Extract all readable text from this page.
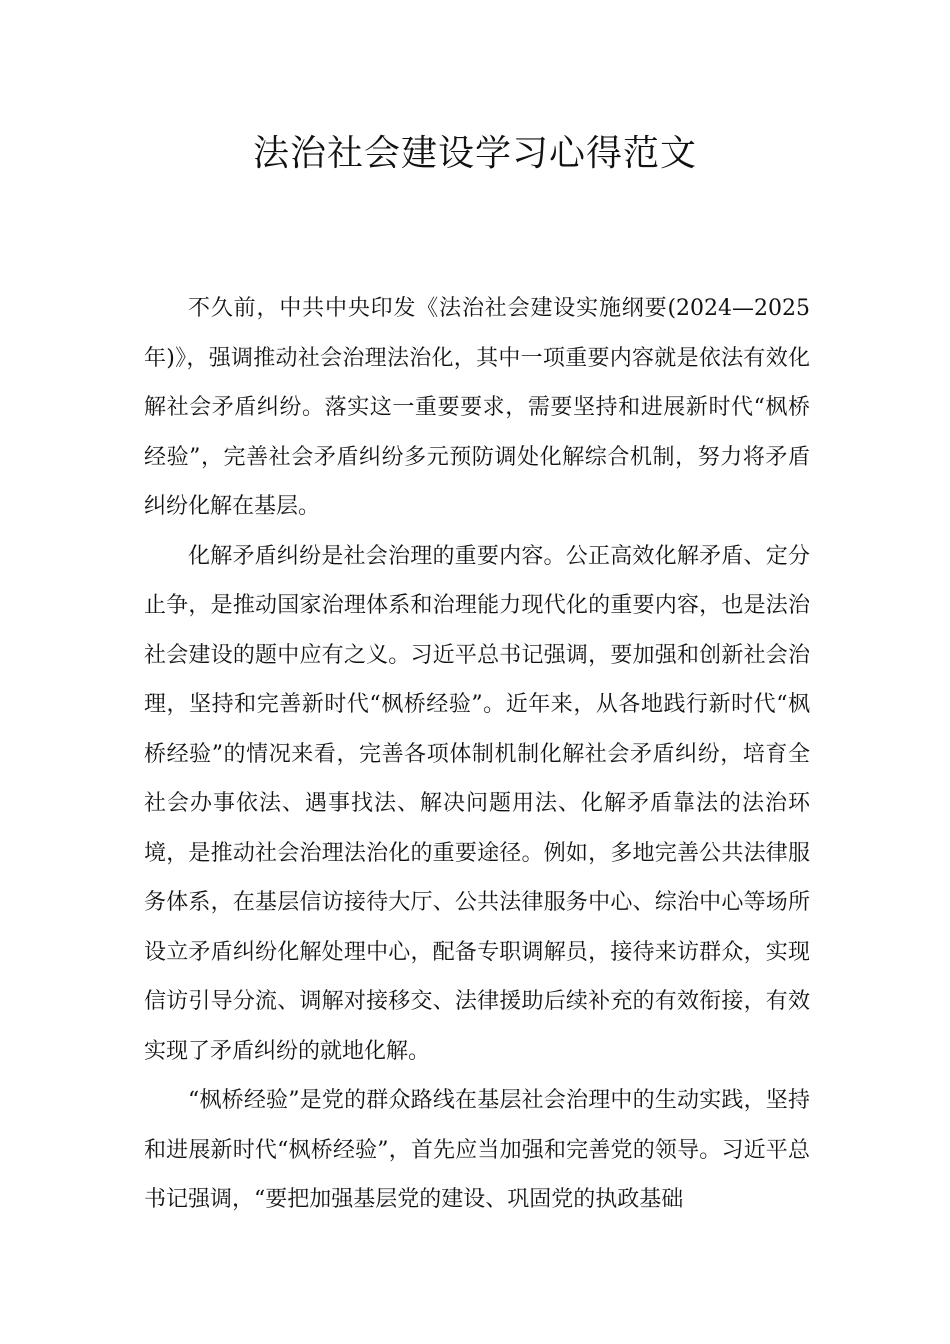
法治社会建设学习心得范文

不久前，中共中央印发《法治社会建设实施纲要(2024—2025年)》，强调推动社会治理法治化，其中一项重要内容就是依法有效化解社会矛盾纠纷。落实这一重要要求，需要坚持和进展新时代“枫桥经验”，完善社会矛盾纠纷多元预防调处化解综合机制，努力将矛盾纠纷化解在基层。

化解矛盾纠纷是社会治理的重要内容。公正高效化解矛盾、定分止争，是推动国家治理体系和治理能力现代化的重要内容，也是法治社会建设的题中应有之义。习近平总书记强调，要加强和创新社会治理，坚持和完善新时代“枫桥经验”。近年来，从各地践行新时代“枫桥经验”的情况来看，完善各项体制机制化解社会矛盾纠纷，培育全社会办事依法、遇事找法、解决问题用法、化解矛盾靠法的法治环境，是推动社会治理法治化的重要途径。例如，多地完善公共法律服务体系，在基层信访接待大厅、公共法律服务中心、综治中心等场所设立矛盾纠纷化解处理中心，配备专职调解员，接待来访群众，实现信访引导分流、调解对接移交、法律援助后续补充的有效衔接，有效实现了矛盾纠纷的就地化解。

“枫桥经验”是党的群众路线在基层社会治理中的生动实践，坚持和进展新时代“枫桥经验”，首先应当加强和完善党的领导。习近平总书记强调，“要把加强基层党的建设、巩固党的执政基础
